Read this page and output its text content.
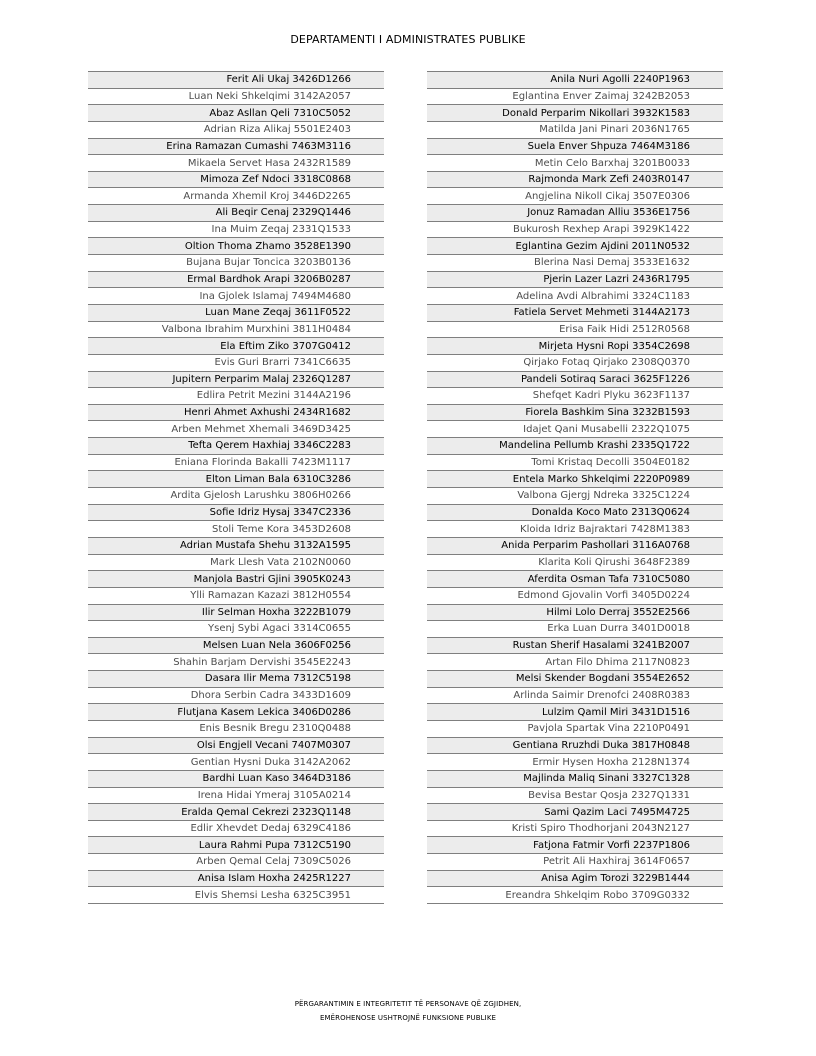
DEPARTAMENTI I ADMINISTRATES PUBLIKE
Ferit Ali Ukaj 3426D1266
Luan Neki Shkelqimi 3142A2057
Abaz Asllan Qeli 7310C5052
Adrian Riza Alikaj 5501E2403
Erina Ramazan Cumashi 7463M3116
Mikaela Servet Hasa 2432R1589
Mimoza Zef Ndoci 3318C0868
Armanda Xhemil Kroj 3446D2265
Ali Beqir Cenaj 2329Q1446
Ina Muim Zeqaj 2331Q1533
Oltion Thoma Zhamo 3528E1390
Bujana Bujar Toncica 3203B0136
Ermal Bardhok Arapi 3206B0287
Ina Gjolek Islamaj 7494M4680
Luan Mane Zeqaj 3611F0522
Valbona Ibrahim Murxhini 3811H0484
Ela Eftim Ziko 3707G0412
Evis Guri Brarri 7341C6635
Jupitern Perparim Malaj 2326Q1287
Edlira Petrit Mezini 3144A2196
Henri Ahmet Axhushi 2434R1682
Arben Mehmet Xhemali 3469D3425
Tefta Qerem Haxhiaj 3346C2283
Eniana Florinda Bakalli 7423M1117
Elton Liman Bala 6310C3286
Ardita Gjelosh Larushku 3806H0266
Sofie Idriz Hysaj 3347C2336
Stoli Teme Kora 3453D2608
Adrian Mustafa Shehu 3132A1595
Mark Llesh Vata 2102N0060
Manjola Bastri Gjini 3905K0243
Ylli Ramazan Kazazi 3812H0554
Ilir Selman Hoxha 3222B1079
Ysenj Sybi Agaci 3314C0655
Melsen Luan Nela 3606F0256
Shahin Barjam Dervishi 3545E2243
Dasara Ilir Mema 7312C5198
Dhora Serbin Cadra 3433D1609
Flutjana Kasem Lekica 3406D0286
Enis Besnik Bregu 2310Q0488
Olsi Engjell Vecani 7407M0307
Gentian Hysni Duka 3142A2062
Bardhi Luan Kaso 3464D3186
Irena Hidai Ymeraj 3105A0214
Eralda Qemal Cekrezi 2323Q1148
Edlir Xhevdet Dedaj 6329C4186
Laura Rahmi Pupa 7312C5190
Arben Qemal Celaj 7309C5026
Anisa Islam Hoxha 2425R1227
Elvis Shemsi Lesha 6325C3951
Anila Nuri Agolli 2240P1963
Eglantina Enver Zaimaj 3242B2053
Donald Perparim Nikollari 3932K1583
Matilda Jani Pinari 2036N1765
Suela Enver Shpuza 7464M3186
Metin Celo Barxhaj 3201B0033
Rajmonda Mark Zefi 2403R0147
Angjelina Nikoll Cikaj 3507E0306
Jonuz Ramadan Alliu 3536E1756
Bukurosh Rexhep Arapi 3929K1422
Eglantina Gezim Ajdini 2011N0532
Blerina Nasi Demaj 3533E1632
Pjerin Lazer Lazri 2436R1795
Adelina Avdi Albrahimi 3324C1183
Fatiela Servet Mehmeti 3144A2173
Erisa Faik Hidi 2512R0568
Mirjeta Hysni Ropi 3354C2698
Qirjako Fotaq Qirjako 2308Q0370
Pandeli Sotiraq Saraci 3625F1226
Shefqet Kadri Plyku 3623F1137
Fiorela Bashkim Sina 3232B1593
Idajet Qani Musabelli 2322Q1075
Mandelina Pellumb Krashi 2335Q1722
Tomi Kristaq Decolli 3504E0182
Entela Marko Shkelqimi 2220P0989
Valbona Gjergj Ndreka 3325C1224
Donalda Koco Mato 2313Q0624
Kloida Idriz Bajraktari 7428M1383
Anida Perparim Pashollari 3116A0768
Klarita Koli Qirushi 3648F2389
Aferdita Osman Tafa 7310C5080
Edmond Gjovalin Vorfi 3405D0224
Hilmi Lolo Derraj 3552E2566
Erka Luan Durra 3401D0018
Rustan Sherif Hasalami 3241B2007
Artan Filo Dhima 2117N0823
Melsi Skender Bogdani 3554E2652
Arlinda Saimir Drenofci 2408R0383
Lulzim Qamil Miri 3431D1516
Pavjola Spartak Vina 2210P0491
Gentiana Rruzhdi Duka 3817H0848
Ermir Hysen Hoxha 2128N1374
Majlinda Maliq Sinani 3327C1328
Bevisa Bestar Qosja 2327Q1331
Sami Qazim Laci 7495M4725
Kristi Spiro Thodhorjani 2043N2127
Fatjona Fatmir Vorfi 2237P1806
Petrit Ali Haxhiraj 3614F0657
Anisa Agim Torozi 3229B1444
Ereandra Shkelqim Robo 3709G0332
PËRGARANTIMIN E INTEGRITETIT TË PERSONAVE QË ZGJIDHEN,
EMËROHENOSE USHTROJNË FUNKSIONE PUBLIKE
